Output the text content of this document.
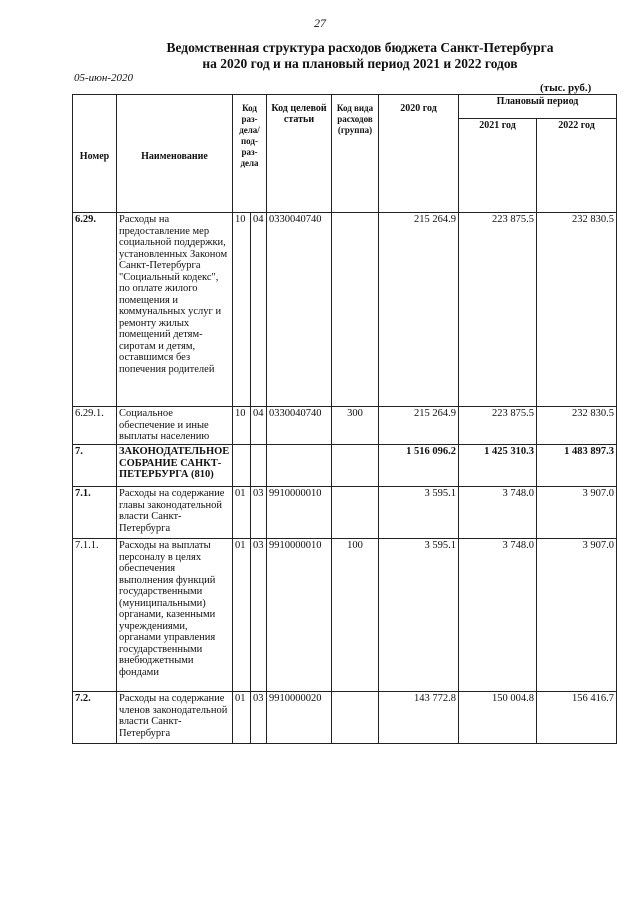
27
Ведомственная структура расходов бюджета Санкт-Петербурга
на 2020 год и на плановый период 2021 и 2022 годов
05-июн-2020
(тыс. руб.)
Номер	Наименование	Код раз-дела/ под-раз-дела		Код целевой статьи	Код вида расходов (группа)	2020 год	Плановый период	
							2021 год	2022 год
6.29.	Расходы на предоставление мер социальной поддержки, установленных Законом Санкт-Петербурга "Социальный кодекс", по оплате жилого помещения и коммунальных услуг и ремонту жилых помещений детям-сиротам и детям, оставшимся без попечения родителей	10	04	0330040740		215 264.9	223 875.5	232 830.5
6.29.1.	Социальное обеспечение и иные выплаты населению	10	04	0330040740	300	215 264.9	223 875.5	232 830.5
7.	ЗАКОНОДАТЕЛЬНОЕ СОБРАНИЕ САНКТ-ПЕТЕРБУРГА (810)					1 516 096.2	1 425 310.3	1 483 897.3
7.1.	Расходы на содержание главы законодательной власти Санкт-Петербурга	01	03	9910000010		3 595.1	3 748.0	3 907.0
7.1.1.	Расходы на выплаты персоналу в целях обеспечения выполнения функций государственными (муниципальными) органами, казенными учреждениями, органами управления государственными внебюджетными фондами	01	03	9910000010	100	3 595.1	3 748.0	3 907.0
7.2.	Расходы на содержание членов законодательной власти Санкт-Петербурга	01	03	9910000020		143 772.8	150 004.8	156 416.7
